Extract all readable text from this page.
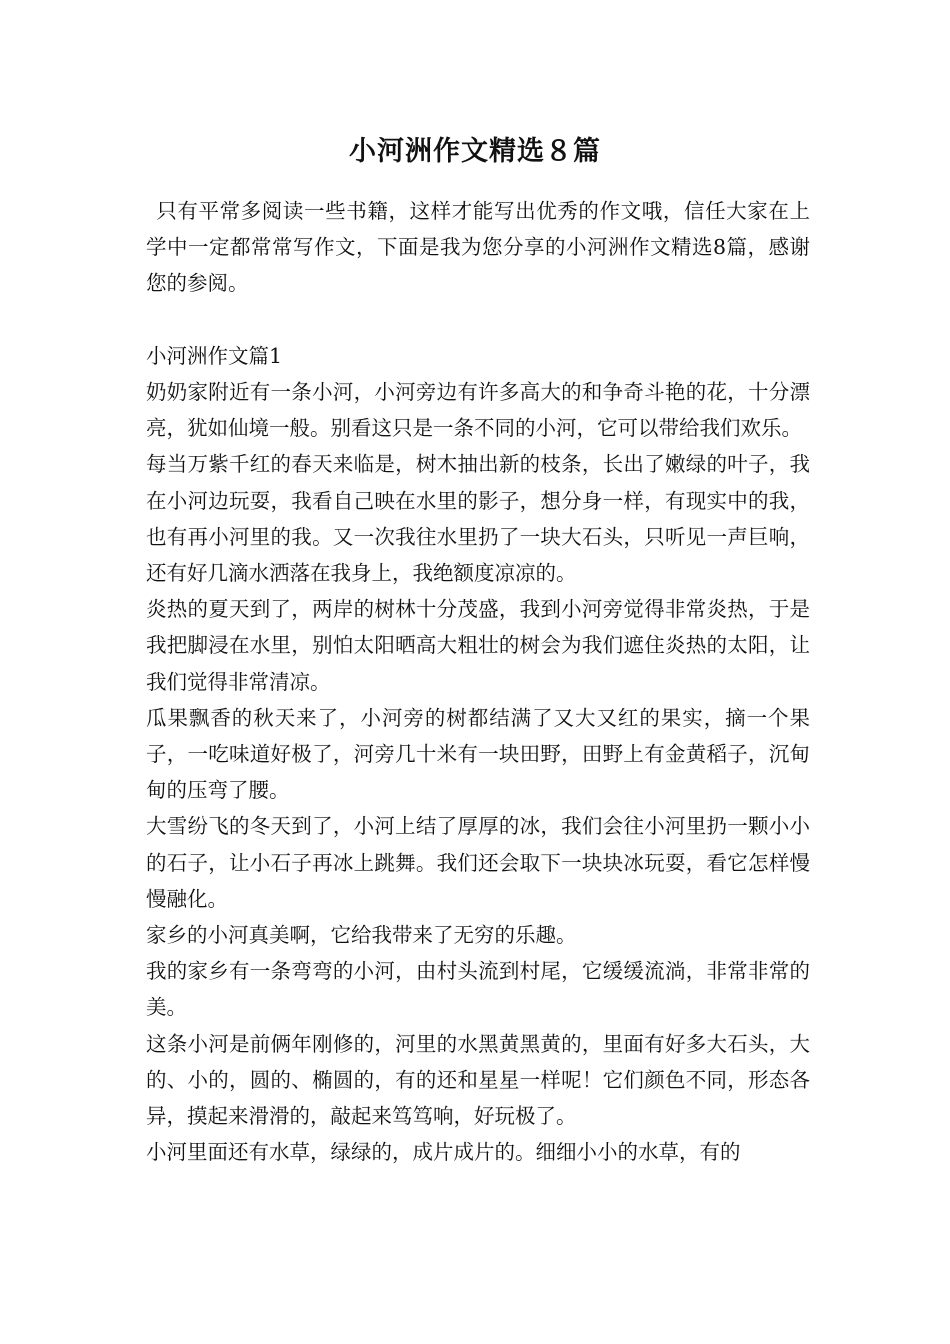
小河洲作文精选８篇

只有平常多阅读一些书籍，这样才能写出优秀的作文哦，信任大家在上学中一定都常常写作文，下面是我为您分享的小河洲作文精选8篇，感谢您的参阅。

小河洲作文篇1

奶奶家附近有一条小河，小河旁边有许多高大的和争奇斗艳的花，十分漂亮，犹如仙境一般。别看这只是一条不同的小河，它可以带给我们欢乐。

每当万紫千红的春天来临是，树木抽出新的枝条，长出了嫩绿的叶子，我在小河边玩耍，我看自己映在水里的影子，想分身一样，有现实中的我，也有再小河里的我。又一次我往水里扔了一块大石头，只听见一声巨响，还有好几滴水洒落在我身上，我绝额度凉凉的。

炎热的夏天到了，两岸的树林十分茂盛，我到小河旁觉得非常炎热，于是我把脚浸在水里，别怕太阳晒高大粗壮的树会为我们遮住炎热的太阳，让我们觉得非常清凉。

瓜果飘香的秋天来了，小河旁的树都结满了又大又红的果实，摘一个果子，一吃味道好极了，河旁几十米有一块田野，田野上有金黄稻子，沉甸甸的压弯了腰。

大雪纷飞的冬天到了，小河上结了厚厚的冰，我们会往小河里扔一颗小小的石子，让小石子再冰上跳舞。我们还会取下一块块冰玩耍，看它怎样慢慢融化。

家乡的小河真美啊，它给我带来了无穷的乐趣。

我的家乡有一条弯弯的小河，由村头流到村尾，它缓缓流淌，非常非常的美。

这条小河是前俩年刚修的，河里的水黑黄黑黄的，里面有好多大石头，大的、小的，圆的、椭圆的，有的还和星星一样呢！它们颜色不同，形态各异，摸起来滑滑的，敲起来笃笃响，好玩极了。

小河里面还有水草，绿绿的，成片成片的。细细小小的水草，有的
